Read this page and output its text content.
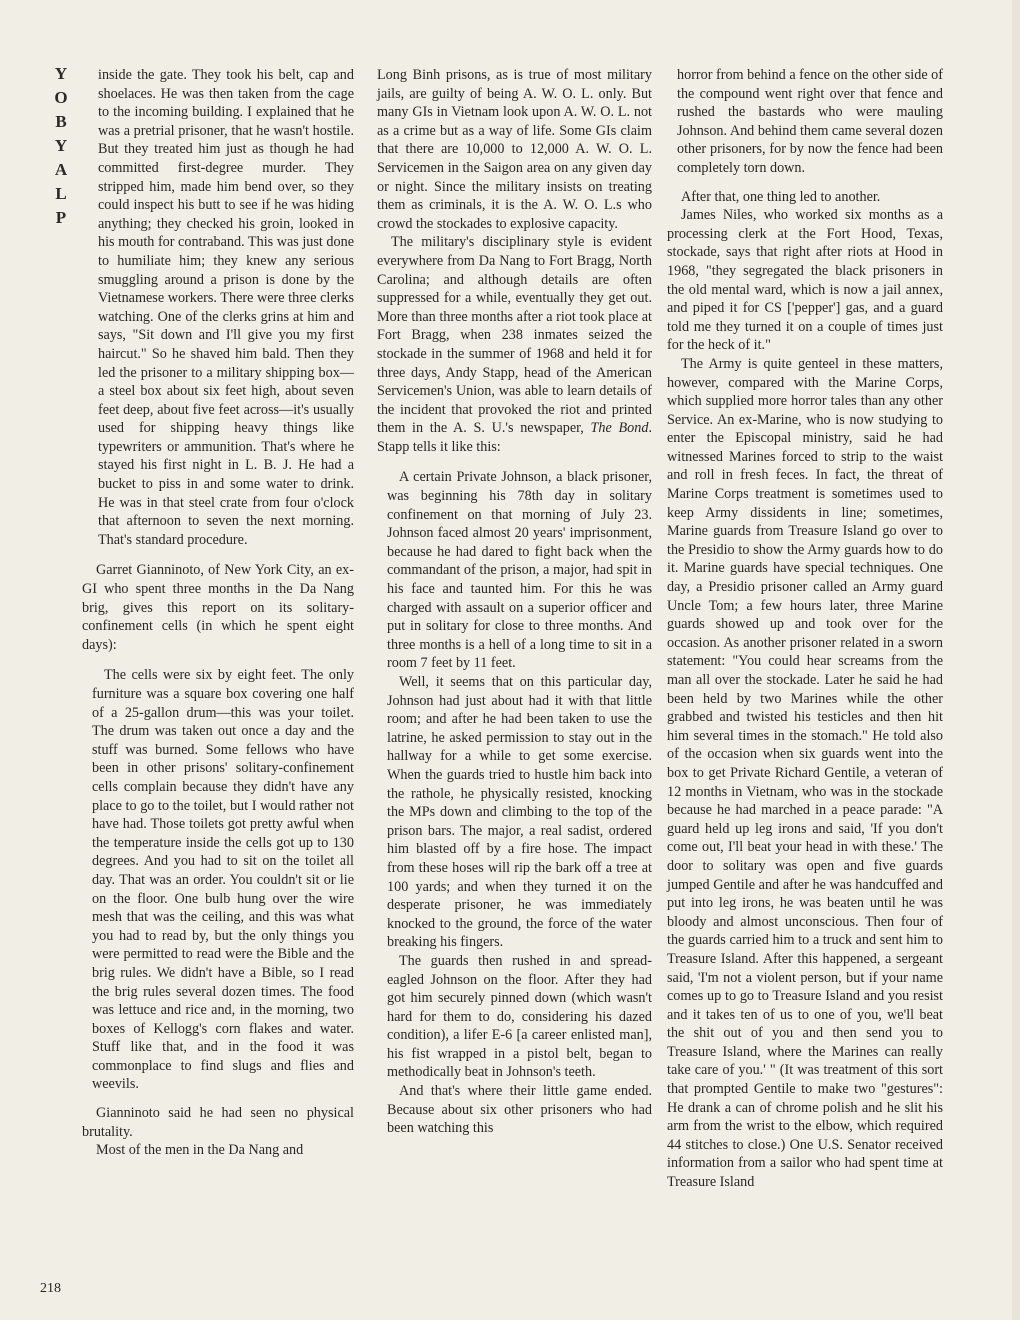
Y
O
B
Y
A
L
P

inside the gate. They took his belt, cap and shoelaces. He was then taken from the cage to the incoming building. I explained that he was a pretrial prisoner, that he wasn't hostile. But they treated him just as though he had committed first-degree murder. They stripped him, made him bend over, so they could inspect his butt to see if he was hiding anything; they checked his groin, looked in his mouth for contraband. This was just done to humiliate him; they knew any serious smuggling around a prison is done by the Vietnamese workers. There were three clerks watching. One of the clerks grins at him and says, "Sit down and I'll give you my first haircut." So he shaved him bald. Then they led the prisoner to a military shipping box—a steel box about six feet high, about seven feet deep, about five feet across—it's usually used for shipping heavy things like typewriters or ammunition. That's where he stayed his first night in L. B. J. He had a bucket to piss in and some water to drink. He was in that steel crate from four o'clock that afternoon to seven the next morning. That's standard procedure.

Garret Gianninoto, of New York City, an ex-GI who spent three months in the Da Nang brig, gives this report on its solitary-confinement cells (in which he spent eight days):

The cells were six by eight feet. The only furniture was a square box covering one half of a 25-gallon drum—this was your toilet. The drum was taken out once a day and the stuff was burned. Some fellows who have been in other prisons' solitary-confinement cells complain because they didn't have any place to go to the toilet, but I would rather not have had. Those toilets got pretty awful when the temperature inside the cells got up to 130 degrees. And you had to sit on the toilet all day. That was an order. You couldn't sit or lie on the floor. One bulb hung over the wire mesh that was the ceiling, and this was what you had to read by, but the only things you were permitted to read were the Bible and the brig rules. We didn't have a Bible, so I read the brig rules several dozen times. The food was lettuce and rice and, in the morning, two boxes of Kellogg's corn flakes and water. Stuff like that, and in the food it was commonplace to find slugs and flies and weevils.

Gianninoto said he had seen no physical brutality.

Most of the men in the Da Nang and

Long Binh prisons, as is true of most military jails, are guilty of being A. W. O. L. only. But many GIs in Vietnam look upon A. W. O. L. not as a crime but as a way of life. Some GIs claim that there are 10,000 to 12,000 A. W. O. L. Servicemen in the Saigon area on any given day or night. Since the military insists on treating them as criminals, it is the A. W. O. L.s who crowd the stockades to explosive capacity.

The military's disciplinary style is evident everywhere from Da Nang to Fort Bragg, North Carolina; and although details are often suppressed for a while, eventually they get out. More than three months after a riot took place at Fort Bragg, when 238 inmates seized the stockade in the summer of 1968 and held it for three days, Andy Stapp, head of the American Servicemen's Union, was able to learn details of the incident that provoked the riot and printed them in the A. S. U.'s newspaper, The Bond. Stapp tells it like this:

A certain Private Johnson, a black prisoner, was beginning his 78th day in solitary confinement on that morning of July 23. Johnson faced almost 20 years' imprisonment, because he had dared to fight back when the commandant of the prison, a major, had spit in his face and taunted him. For this he was charged with assault on a superior officer and put in solitary for close to three months. And three months is a hell of a long time to sit in a room 7 feet by 11 feet.

Well, it seems that on this particular day, Johnson had just about had it with that little room; and after he had been taken to use the latrine, he asked permission to stay out in the hallway for a while to get some exercise. When the guards tried to hustle him back into the rathole, he physically resisted, knocking the MPs down and climbing to the top of the prison bars. The major, a real sadist, ordered him blasted off by a fire hose. The impact from these hoses will rip the bark off a tree at 100 yards; and when they turned it on the desperate prisoner, he was immediately knocked to the ground, the force of the water breaking his fingers.

The guards then rushed in and spread-eagled Johnson on the floor. After they had got him securely pinned down (which wasn't hard for them to do, considering his dazed condition), a lifer E-6 [a career enlisted man], his fist wrapped in a pistol belt, began to methodically beat in Johnson's teeth.

And that's where their little game ended. Because about six other prisoners who had been watching this

horror from behind a fence on the other side of the compound went right over that fence and rushed the bastards who were mauling Johnson. And behind them came several dozen other prisoners, for by now the fence had been completely torn down.

After that, one thing led to another.

James Niles, who worked six months as a processing clerk at the Fort Hood, Texas, stockade, says that right after riots at Hood in 1968, "they segregated the black prisoners in the old mental ward, which is now a jail annex, and piped it for CS ['pepper'] gas, and a guard told me they turned it on a couple of times just for the heck of it."

The Army is quite genteel in these matters, however, compared with the Marine Corps, which supplied more horror tales than any other Service. An ex-Marine, who is now studying to enter the Episcopal ministry, said he had witnessed Marines forced to strip to the waist and roll in fresh feces. In fact, the threat of Marine Corps treatment is sometimes used to keep Army dissidents in line; sometimes, Marine guards from Treasure Island go over to the Presidio to show the Army guards how to do it. Marine guards have special techniques. One day, a Presidio prisoner called an Army guard Uncle Tom; a few hours later, three Marine guards showed up and took over for the occasion. As another prisoner related in a sworn statement: "You could hear screams from the man all over the stockade. Later he said he had been held by two Marines while the other grabbed and twisted his testicles and then hit him several times in the stomach." He told also of the occasion when six guards went into the box to get Private Richard Gentile, a veteran of 12 months in Vietnam, who was in the stockade because he had marched in a peace parade: "A guard held up leg irons and said, 'If you don't come out, I'll beat your head in with these.' The door to solitary was open and five guards jumped Gentile and after he was handcuffed and put into leg irons, he was beaten until he was bloody and almost unconscious. Then four of the guards carried him to a truck and sent him to Treasure Island. After this happened, a sergeant said, 'I'm not a violent person, but if your name comes up to go to Treasure Island and you resist and it takes ten of us to one of you, we'll beat the shit out of you and then send you to Treasure Island, where the Marines can really take care of you.' " (It was treatment of this sort that prompted Gentile to make two "gestures": He drank a can of chrome polish and he slit his arm from the wrist to the elbow, which required 44 stitches to close.) One U.S. Senator received information from a sailor who had spent time at Treasure Island

218
